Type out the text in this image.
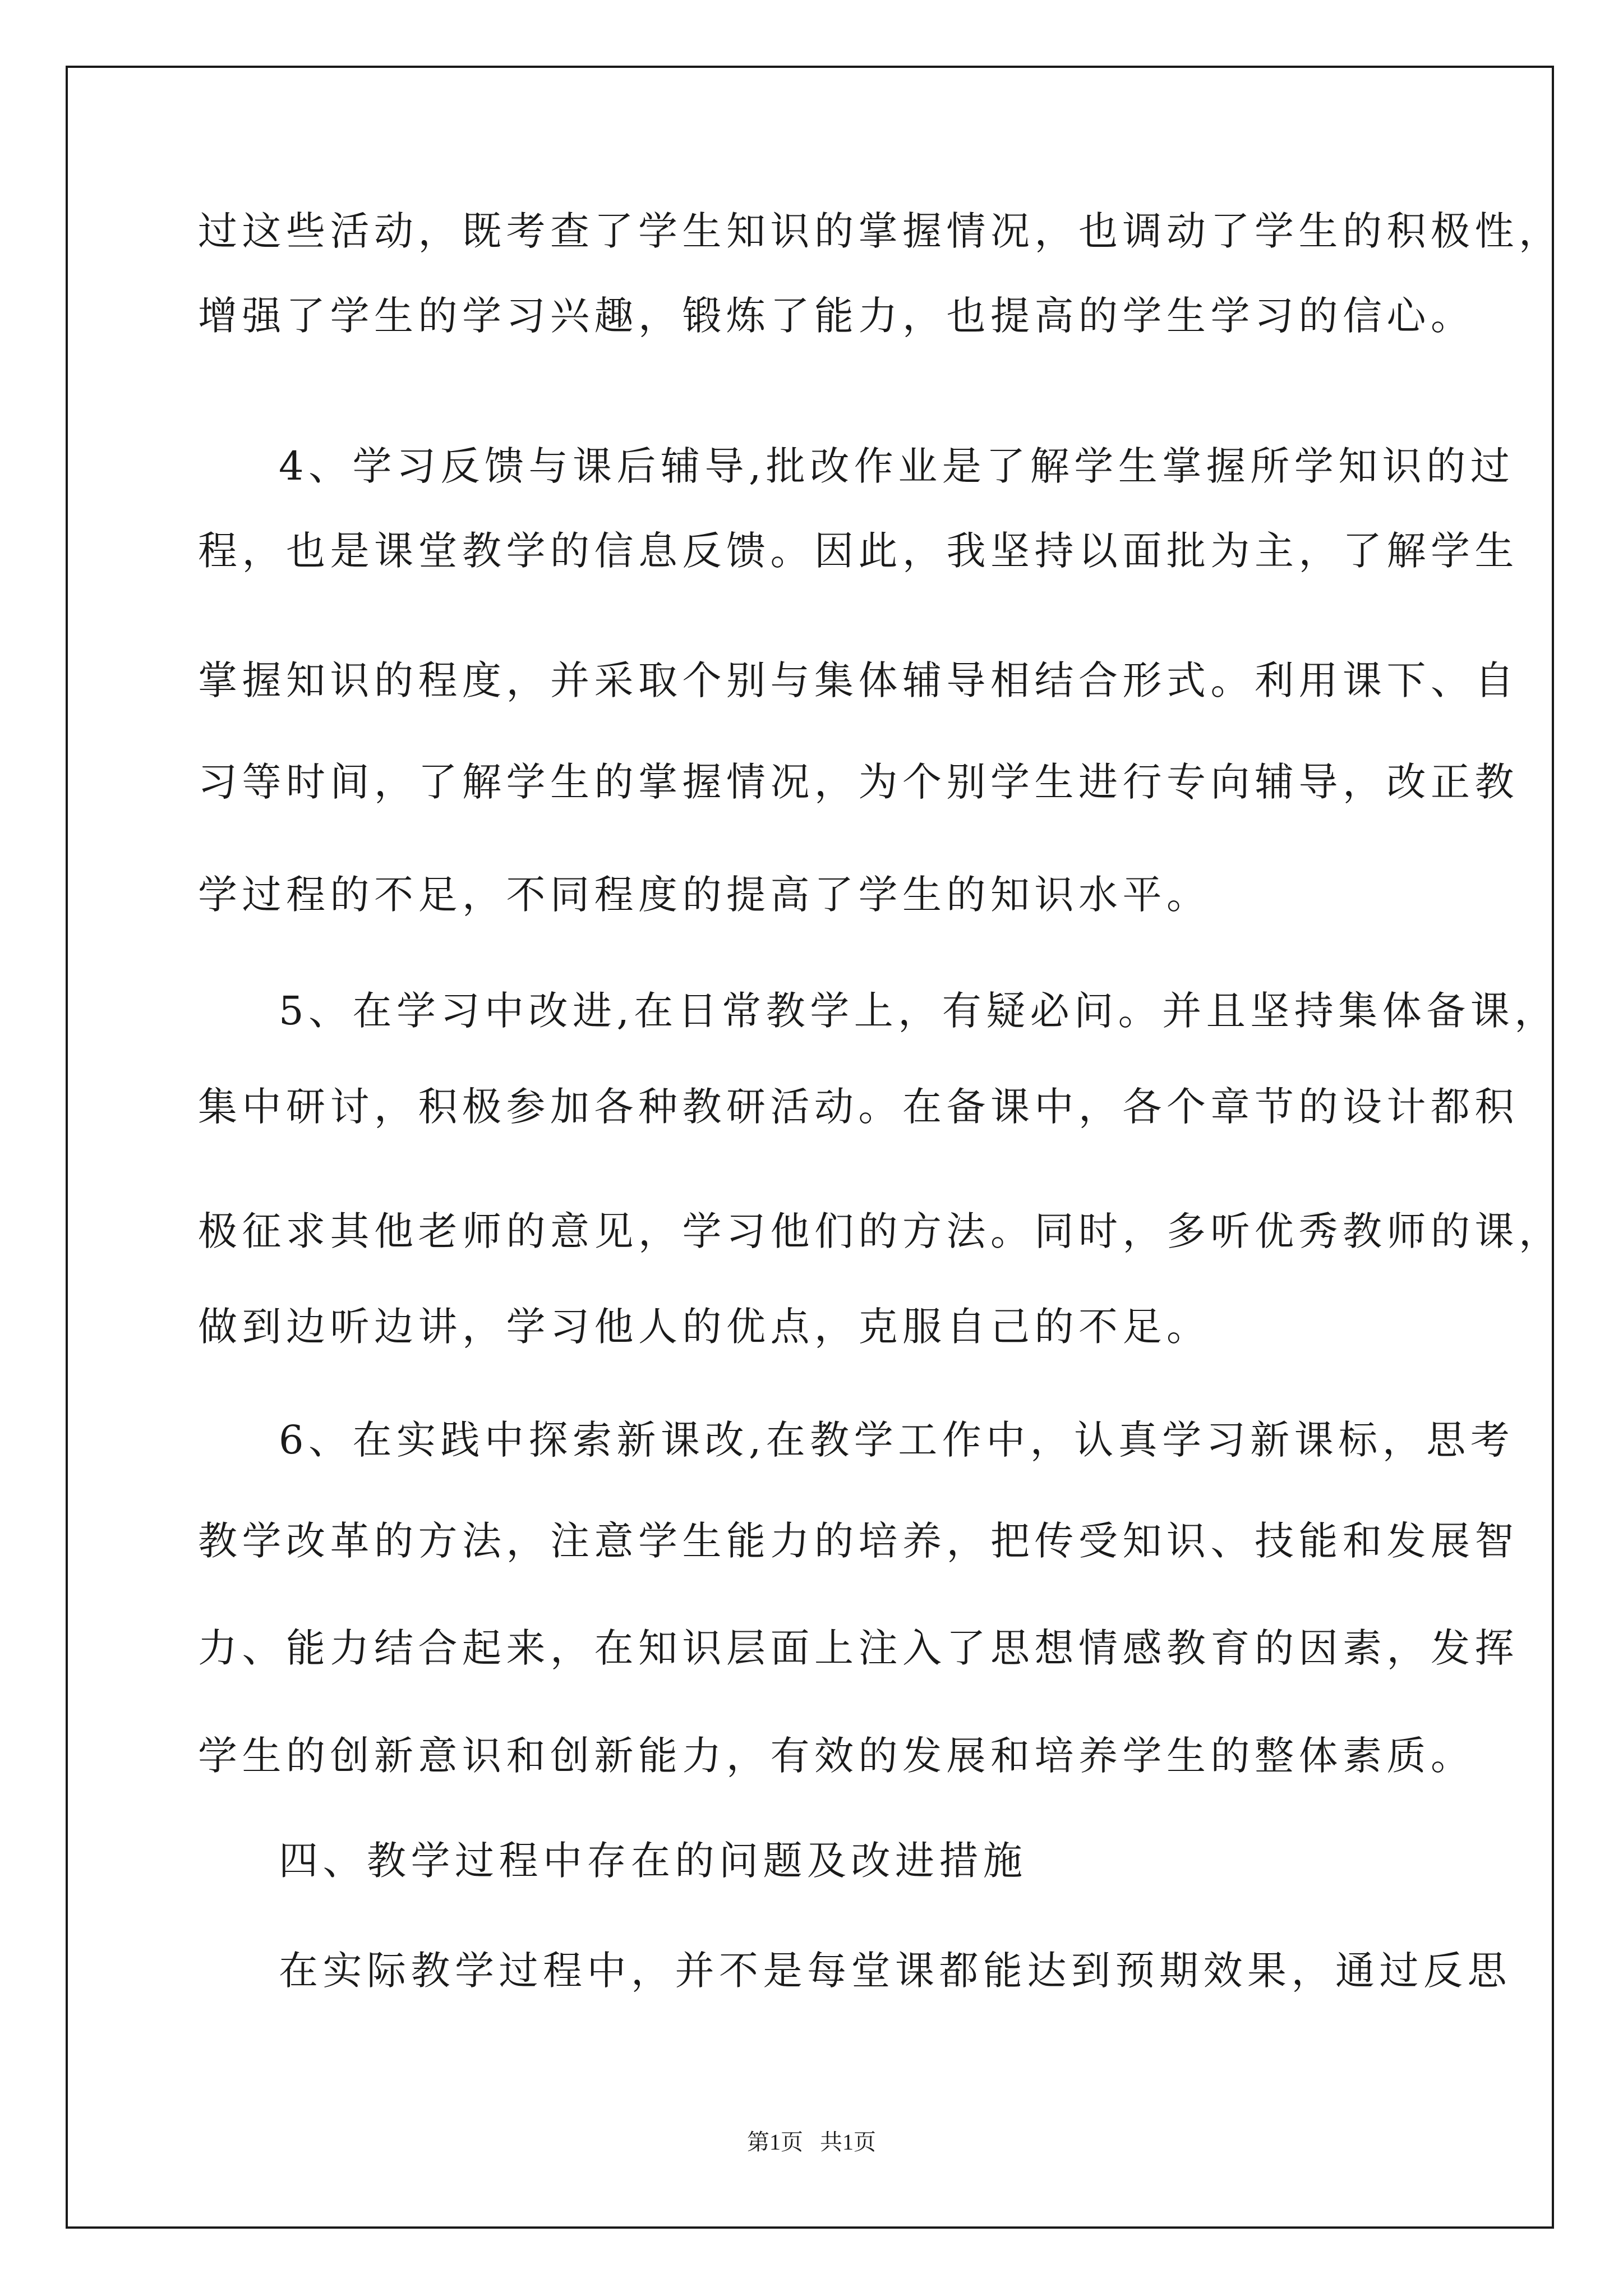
过这些活动，既考查了学生知识的掌握情况，也调动了学生的积极性，

增强了学生的学习兴趣，锻炼了能力，也提高的学生学习的信心。

4、学习反馈与课后辅导,批改作业是了解学生掌握所学知识的过

程，也是课堂教学的信息反馈。因此，我坚持以面批为主，了解学生

掌握知识的程度，并采取个别与集体辅导相结合形式。利用课下、自

习等时间，了解学生的掌握情况，为个别学生进行专向辅导，改正教

学过程的不足，不同程度的提高了学生的知识水平。

5、在学习中改进,在日常教学上，有疑必问。并且坚持集体备课，

集中研讨，积极参加各种教研活动。在备课中，各个章节的设计都积

极征求其他老师的意见，学习他们的方法。同时，多听优秀教师的课，

做到边听边讲，学习他人的优点，克服自己的不足。

6、在实践中探索新课改,在教学工作中，认真学习新课标，思考

教学改革的方法，注意学生能力的培养，把传受知识、技能和发展智

力、能力结合起来，在知识层面上注入了思想情感教育的因素，发挥

学生的创新意识和创新能力，有效的发展和培养学生的整体素质。

四、教学过程中存在的问题及改进措施

在实际教学过程中，并不是每堂课都能达到预期效果，通过反思

第1页   共1页
